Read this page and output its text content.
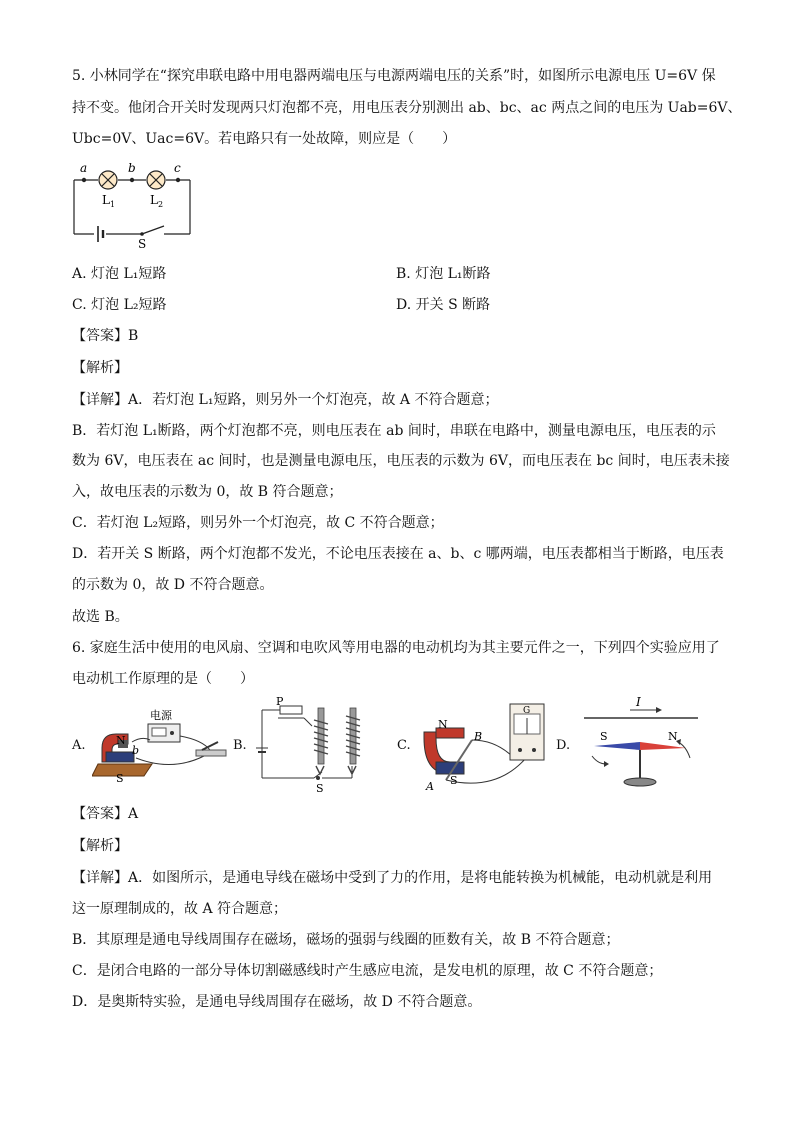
5. 小林同学在“探究串联电路中用电器两端电压与电源两端电压的关系”时，如图所示电源电压 U=6V 保
持不变。他闭合开关时发现两只灯泡都不亮，用电压表分别测出 ab、bc、ac 两点之间的电压为 Uab=6V、
Ubc=0V、Uac=6V。若电路只有一处故障，则应是（　　）
a	b	c
$L_1$	$L_2$
S
A. 灯泡 L₁短路	B. 灯泡 L₁断路
C. 灯泡 L₂短路	D. 开关 S 断路
【答案】B
【解析】
【详解】A．若灯泡 L₁短路，则另外一个灯泡亮，故 A 不符合题意；
B．若灯泡 L₁断路，两个灯泡都不亮，则电压表在 ab 间时，串联在电路中，测量电源电压，电压表的示
数为 6V，电压表在 ac 间时，也是测量电源电压，电压表的示数为 6V，而电压表在 bc 间时，电压表未接
入，故电压表的示数为 0，故 B 符合题意；
C．若灯泡 L₂短路，则另外一个灯泡亮，故 C 不符合题意；
D．若开关 S 断路，两个灯泡都不发光，不论电压表接在 a、b、c 哪两端，电压表都相当于断路，电压表
的示数为 0，故 D 不符合题意。
故选 B。
6. 家庭生活中使用的电风扇、空调和电吹风等用电器的电动机均为其主要元件之一，下列四个实验应用了
电动机工作原理的是（　　）
A.
电源
N
S
b	B.
P
S
C.
N
S
A
B
G
D.
I
S	N
【答案】A
【解析】
【详解】A．如图所示，是通电导线在磁场中受到了力的作用，是将电能转换为机械能，电动机就是利用
这一原理制成的，故 A 符合题意；
B．其原理是通电导线周围存在磁场，磁场的强弱与线圈的匝数有关，故 B 不符合题意；
C．是闭合电路的一部分导体切割磁感线时产生感应电流，是发电机的原理，故 C 不符合题意；
D．是奥斯特实验，是通电导线周围存在磁场，故 D 不符合题意。
